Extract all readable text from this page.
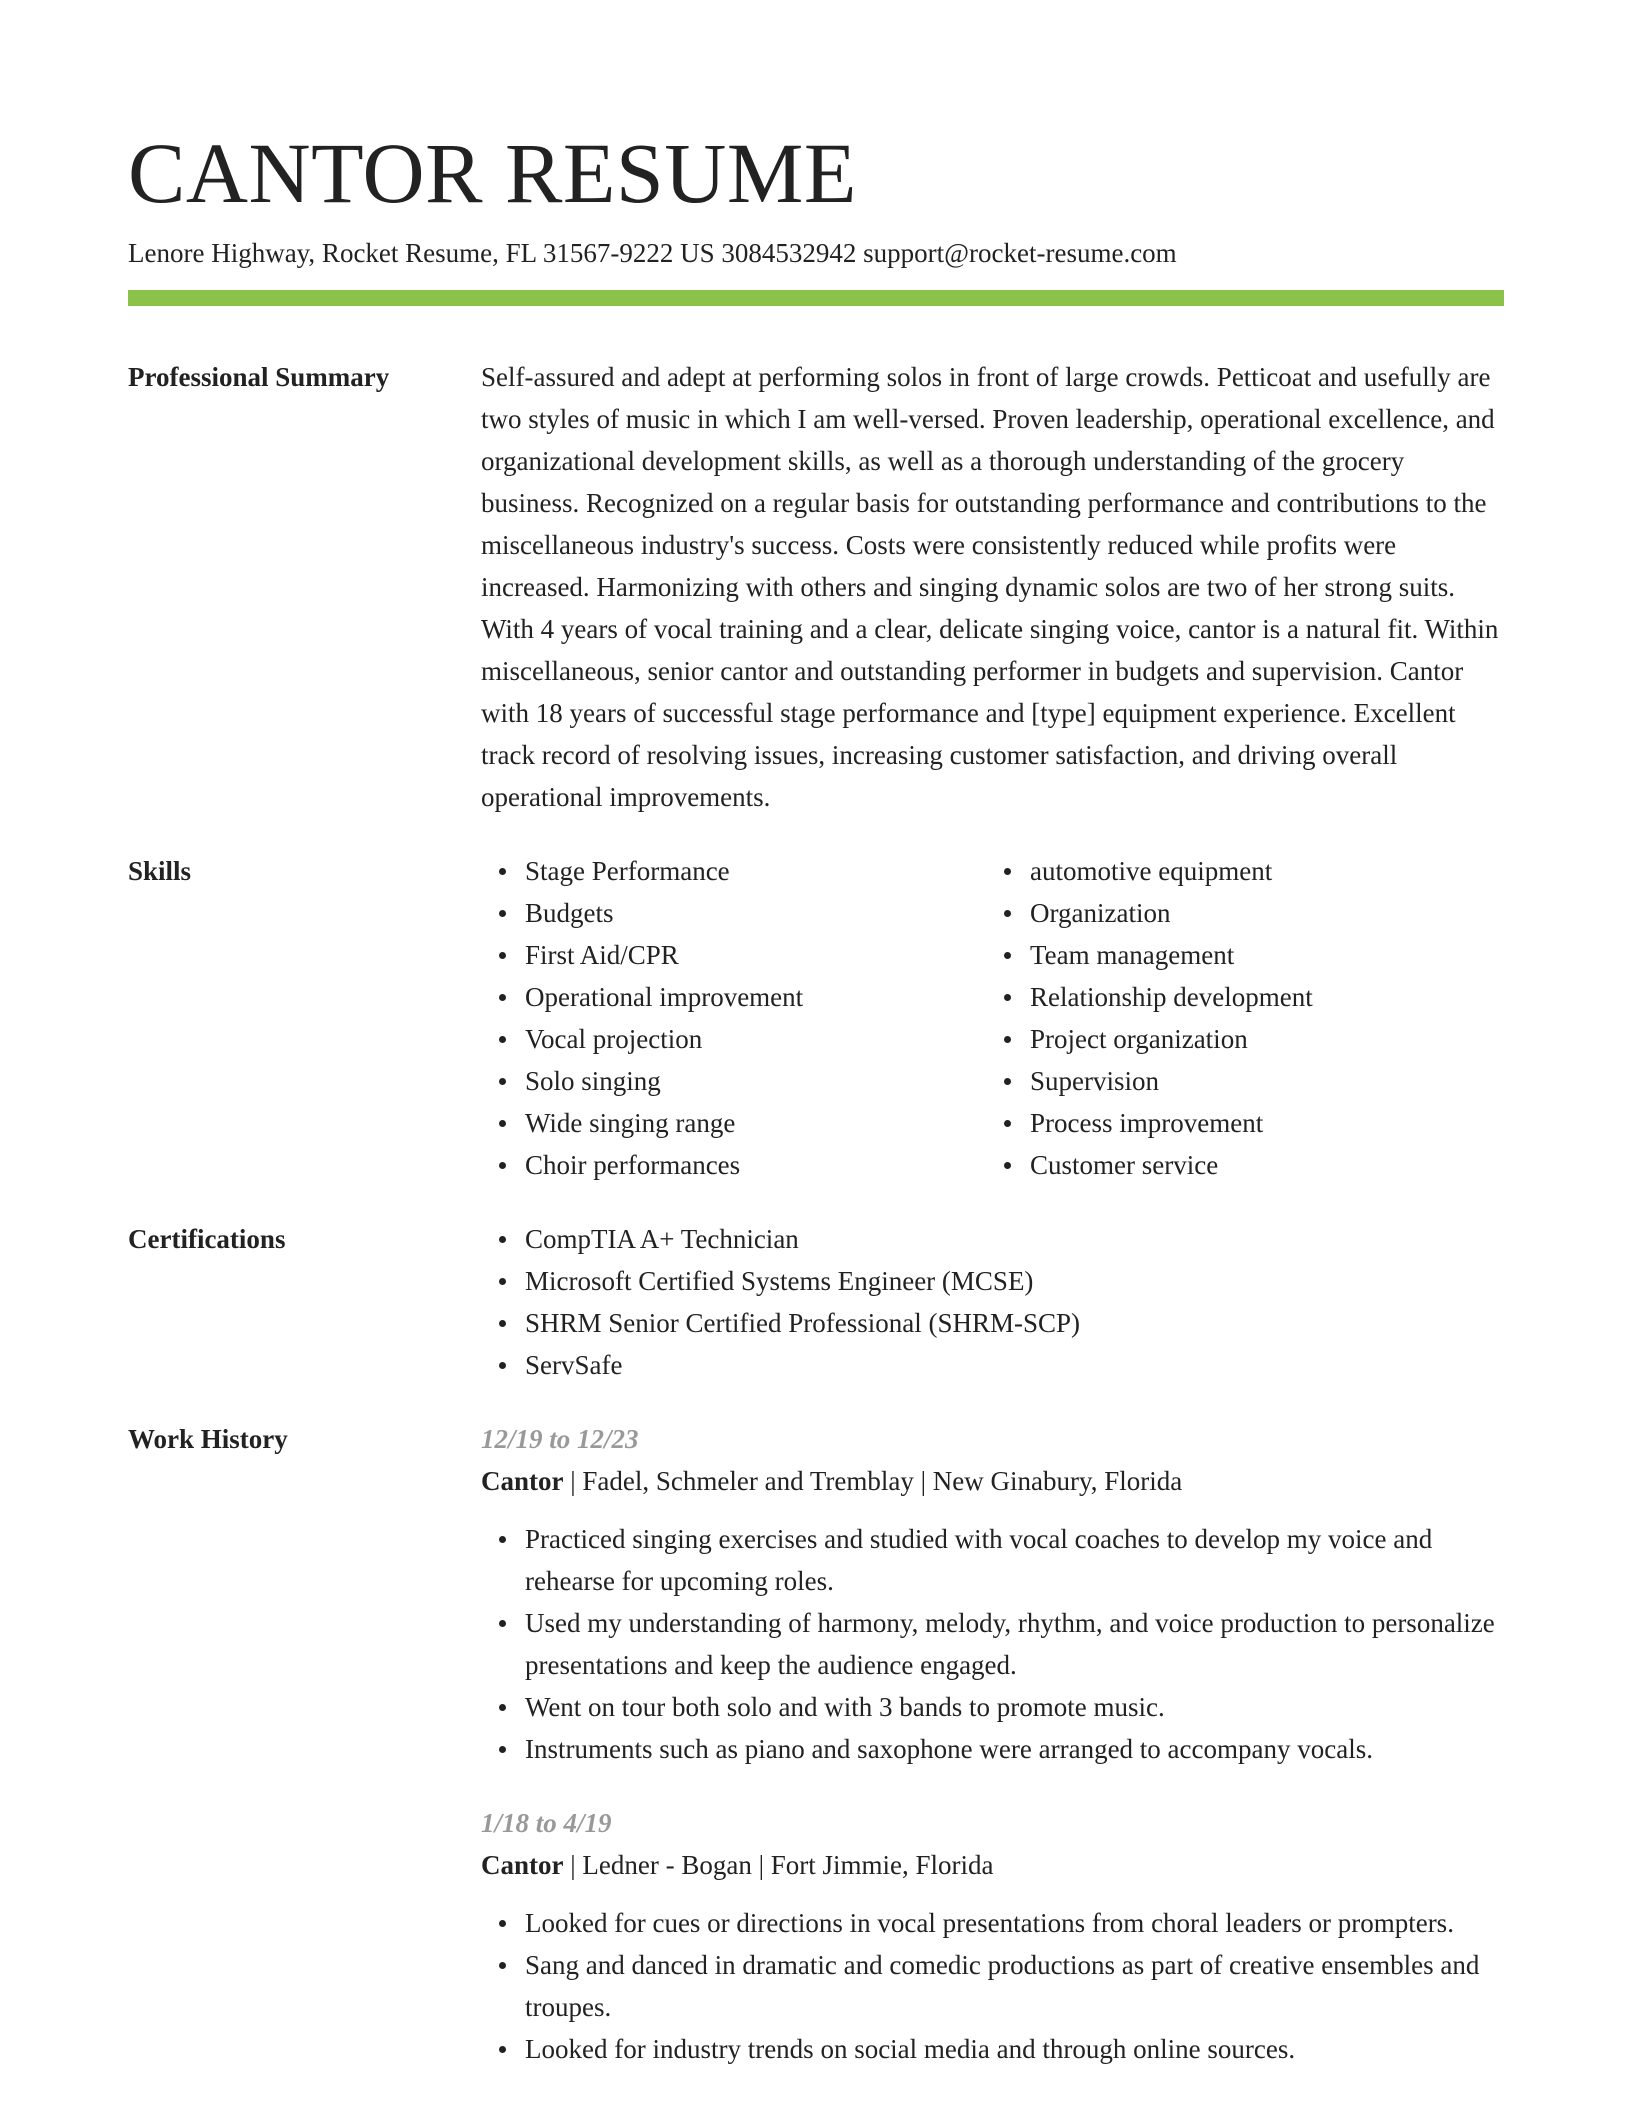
CANTOR RESUME
Lenore Highway, Rocket Resume, FL 31567-9222 US 3084532942 support@rocket-resume.com
Professional Summary	Self-assured and adept at performing solos in front of large crowds. Petticoat and usefully are two styles of music in which I am well-versed. Proven leadership, operational excellence, and organizational development skills, as well as a thorough understanding of the grocery business. Recognized on a regular basis for outstanding performance and contributions to the miscellaneous industry's success. Costs were consistently reduced while profits were increased. Harmonizing with others and singing dynamic solos are two of her strong suits. With 4 years of vocal training and a clear, delicate singing voice, cantor is a natural fit. Within miscellaneous, senior cantor and outstanding performer in budgets and supervision. Cantor with 18 years of successful stage performance and [type] equipment experience. Excellent track record of resolving issues, increasing customer satisfaction, and driving overall operational improvements.

Skills	Stage Performance
Budgets
First Aid/CPR
Operational improvement
Vocal projection
Solo singing
Wide singing range
Choir performances
automotive equipment
Organization
Team management
Relationship development
Project organization
Supervision
Process improvement
Customer service
Certifications	CompTIA A+ Technician
Microsoft Certified Systems Engineer (MCSE)
SHRM Senior Certified Professional (SHRM-SCP)
ServSafe
Work History	12/19 to 12/23
Cantor | Fadel, Schmeler and Tremblay | New Ginabury, Florida
Practiced singing exercises and studied with vocal coaches to develop my voice and rehearse for upcoming roles.
Used my understanding of harmony, melody, rhythm, and voice production to personalize presentations and keep the audience engaged.
Went on tour both solo and with 3 bands to promote music.
Instruments such as piano and saxophone were arranged to accompany vocals.
1/18 to 4/19
Cantor | Ledner - Bogan | Fort Jimmie, Florida
Looked for cues or directions in vocal presentations from choral leaders or prompters.
Sang and danced in dramatic and comedic productions as part of creative ensembles and troupes.
Looked for industry trends on social media and through online sources.
